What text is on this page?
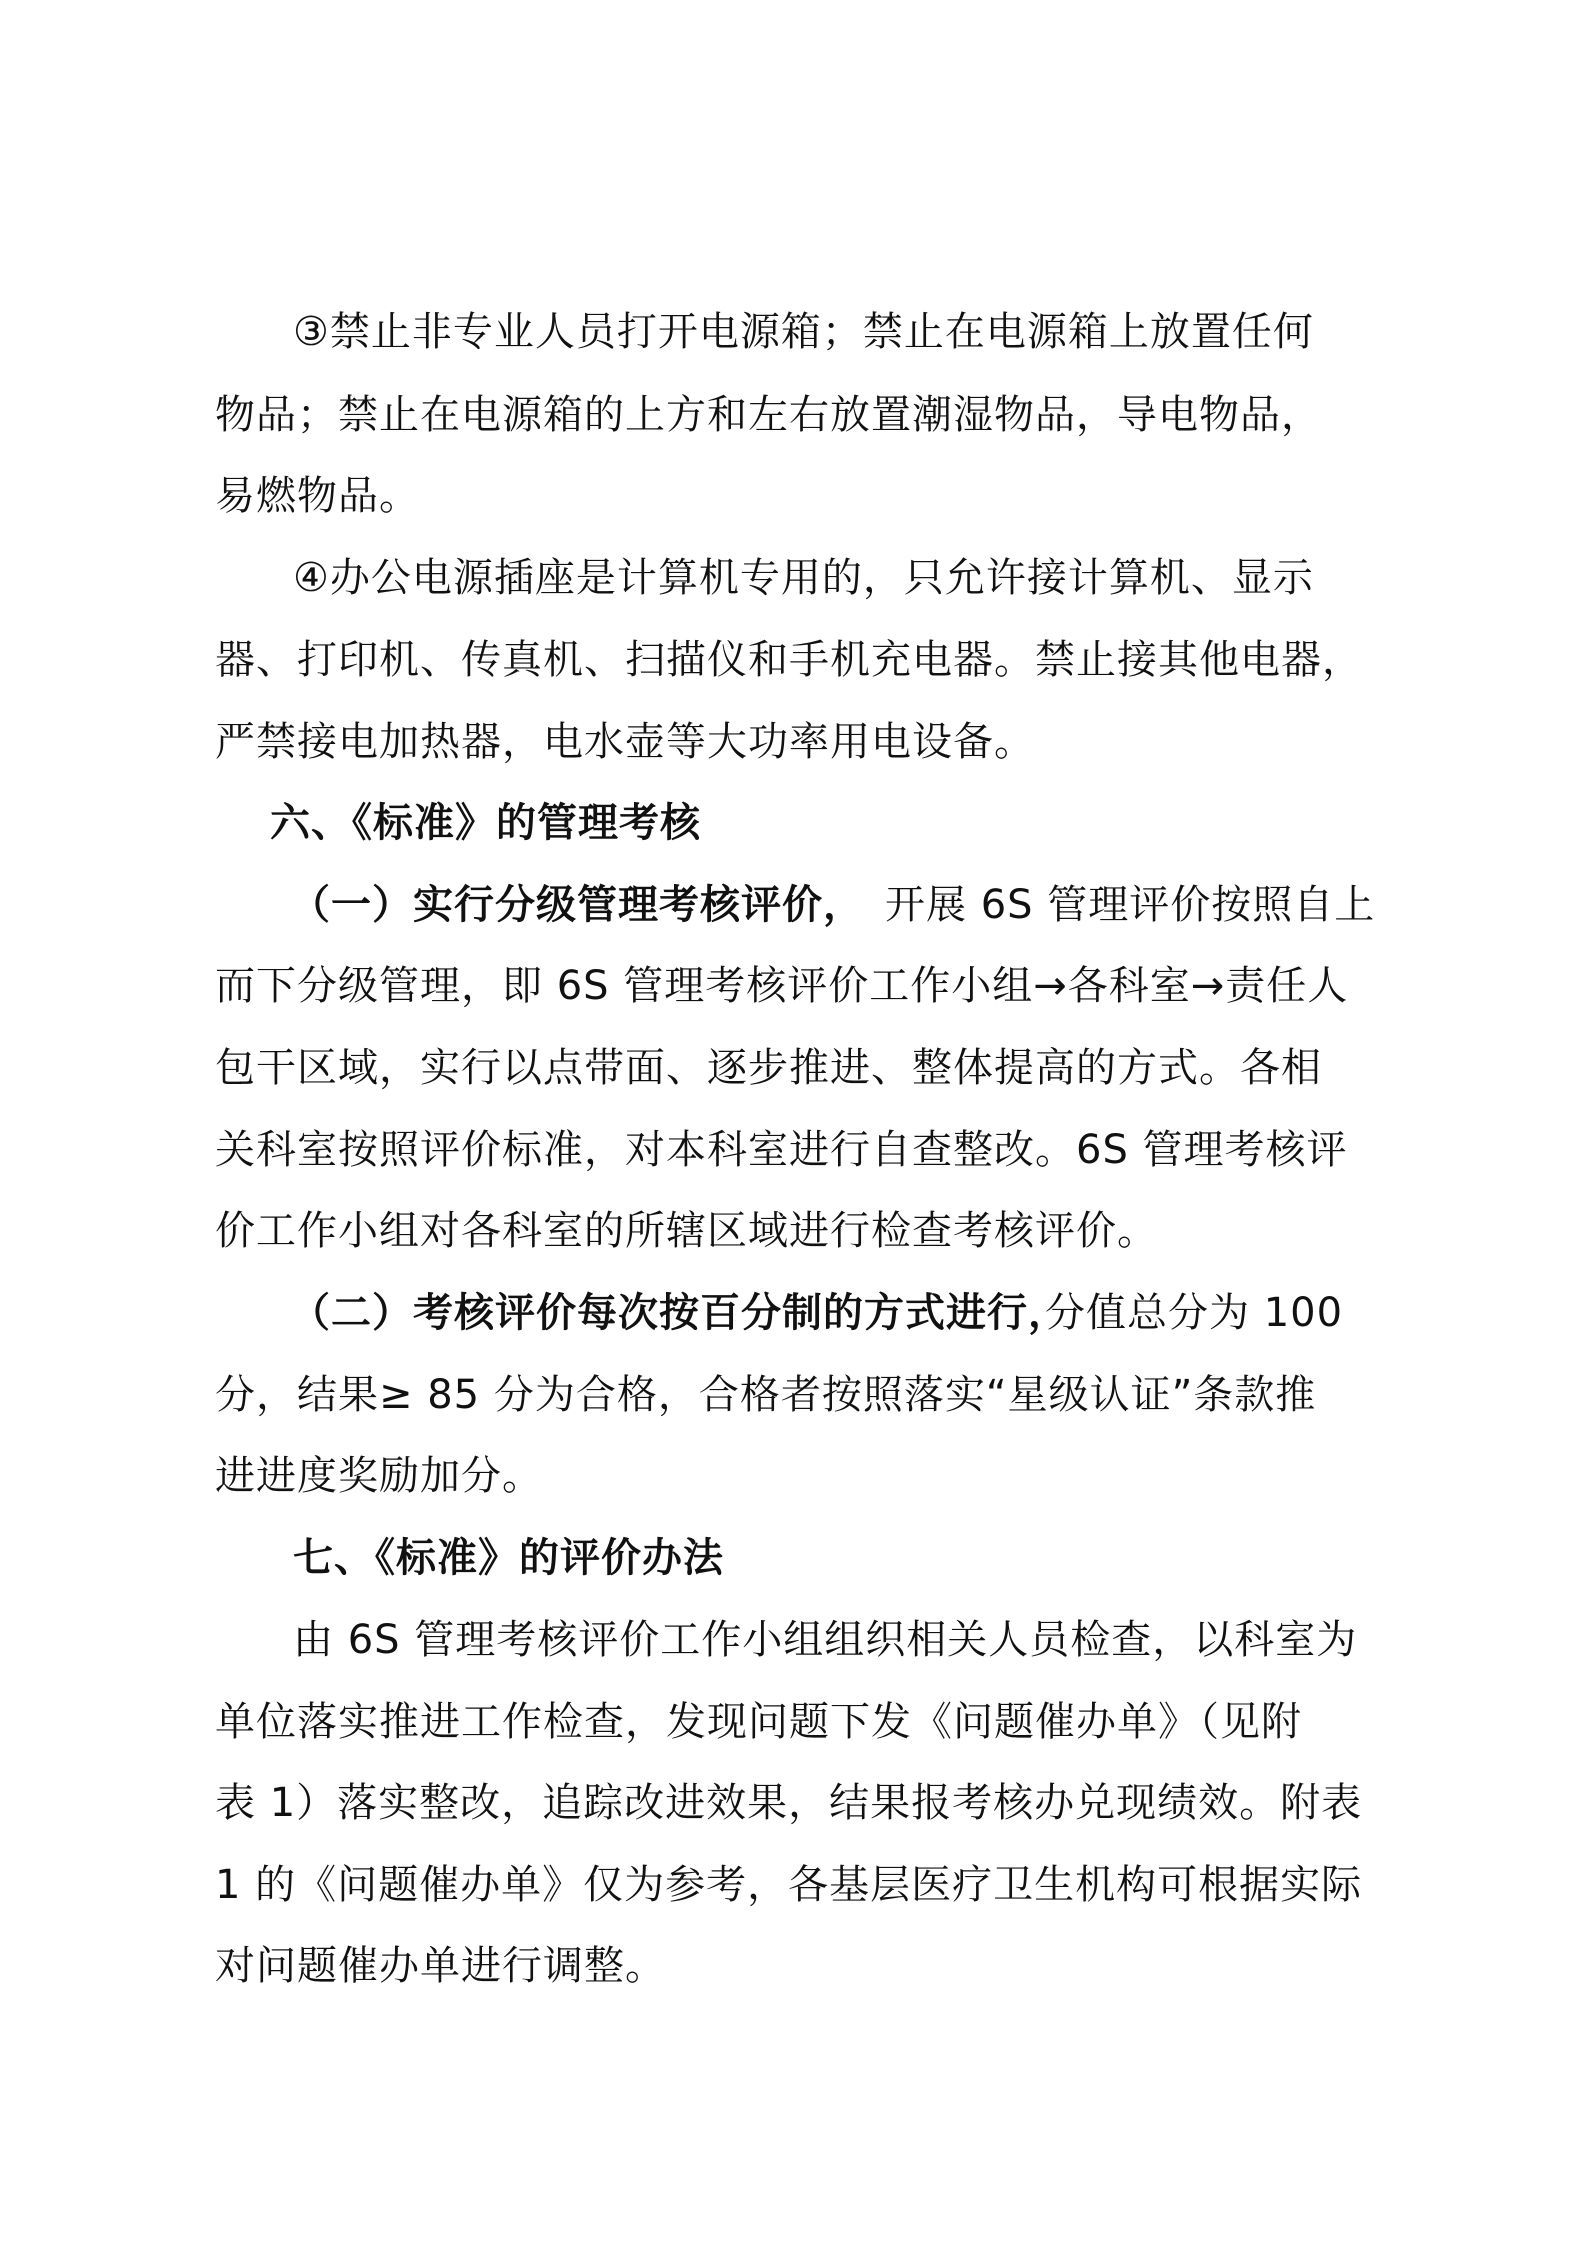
③禁止非专业人员打开电源箱；禁止在电源箱上放置任何
物品；禁止在电源箱的上方和左右放置潮湿物品，导电物品，
易燃物品。
④办公电源插座是计算机专用的，只允许接计算机、显示
器、打印机、传真机、扫描仪和手机充电器。禁止接其他电器，
严禁接电加热器，电水壶等大功率用电设备。
六、《标准》的管理考核
（一）实行分级管理考核评价， 开展 6S 管理评价按照自上
而下分级管理，即 6S 管理考核评价工作小组→各科室→责任人
包干区域，实行以点带面、逐步推进、整体提高的方式。各相
关科室按照评价标准，对本科室进行自查整改。6S 管理考核评
价工作小组对各科室的所辖区域进行检查考核评价。
（二）考核评价每次按百分制的方式进行，
分值总分为 100
分，结果≥ 85 分为合格，合格者按照落实“星级认证”条款推
进进度奖励加分。
七、《标准》的评价办法
由 6S 管理考核评价工作小组组织相关人员检查，以科室为
单位落实推进工作检查，发现问题下发《问题催办单》（见附
表 1）落实整改，追踪改进效果，结果报考核办兑现绩效。附表
1 的《问题催办单》仅为参考，各基层医疗卫生机构可根据实际
对问题催办单进行调整。
